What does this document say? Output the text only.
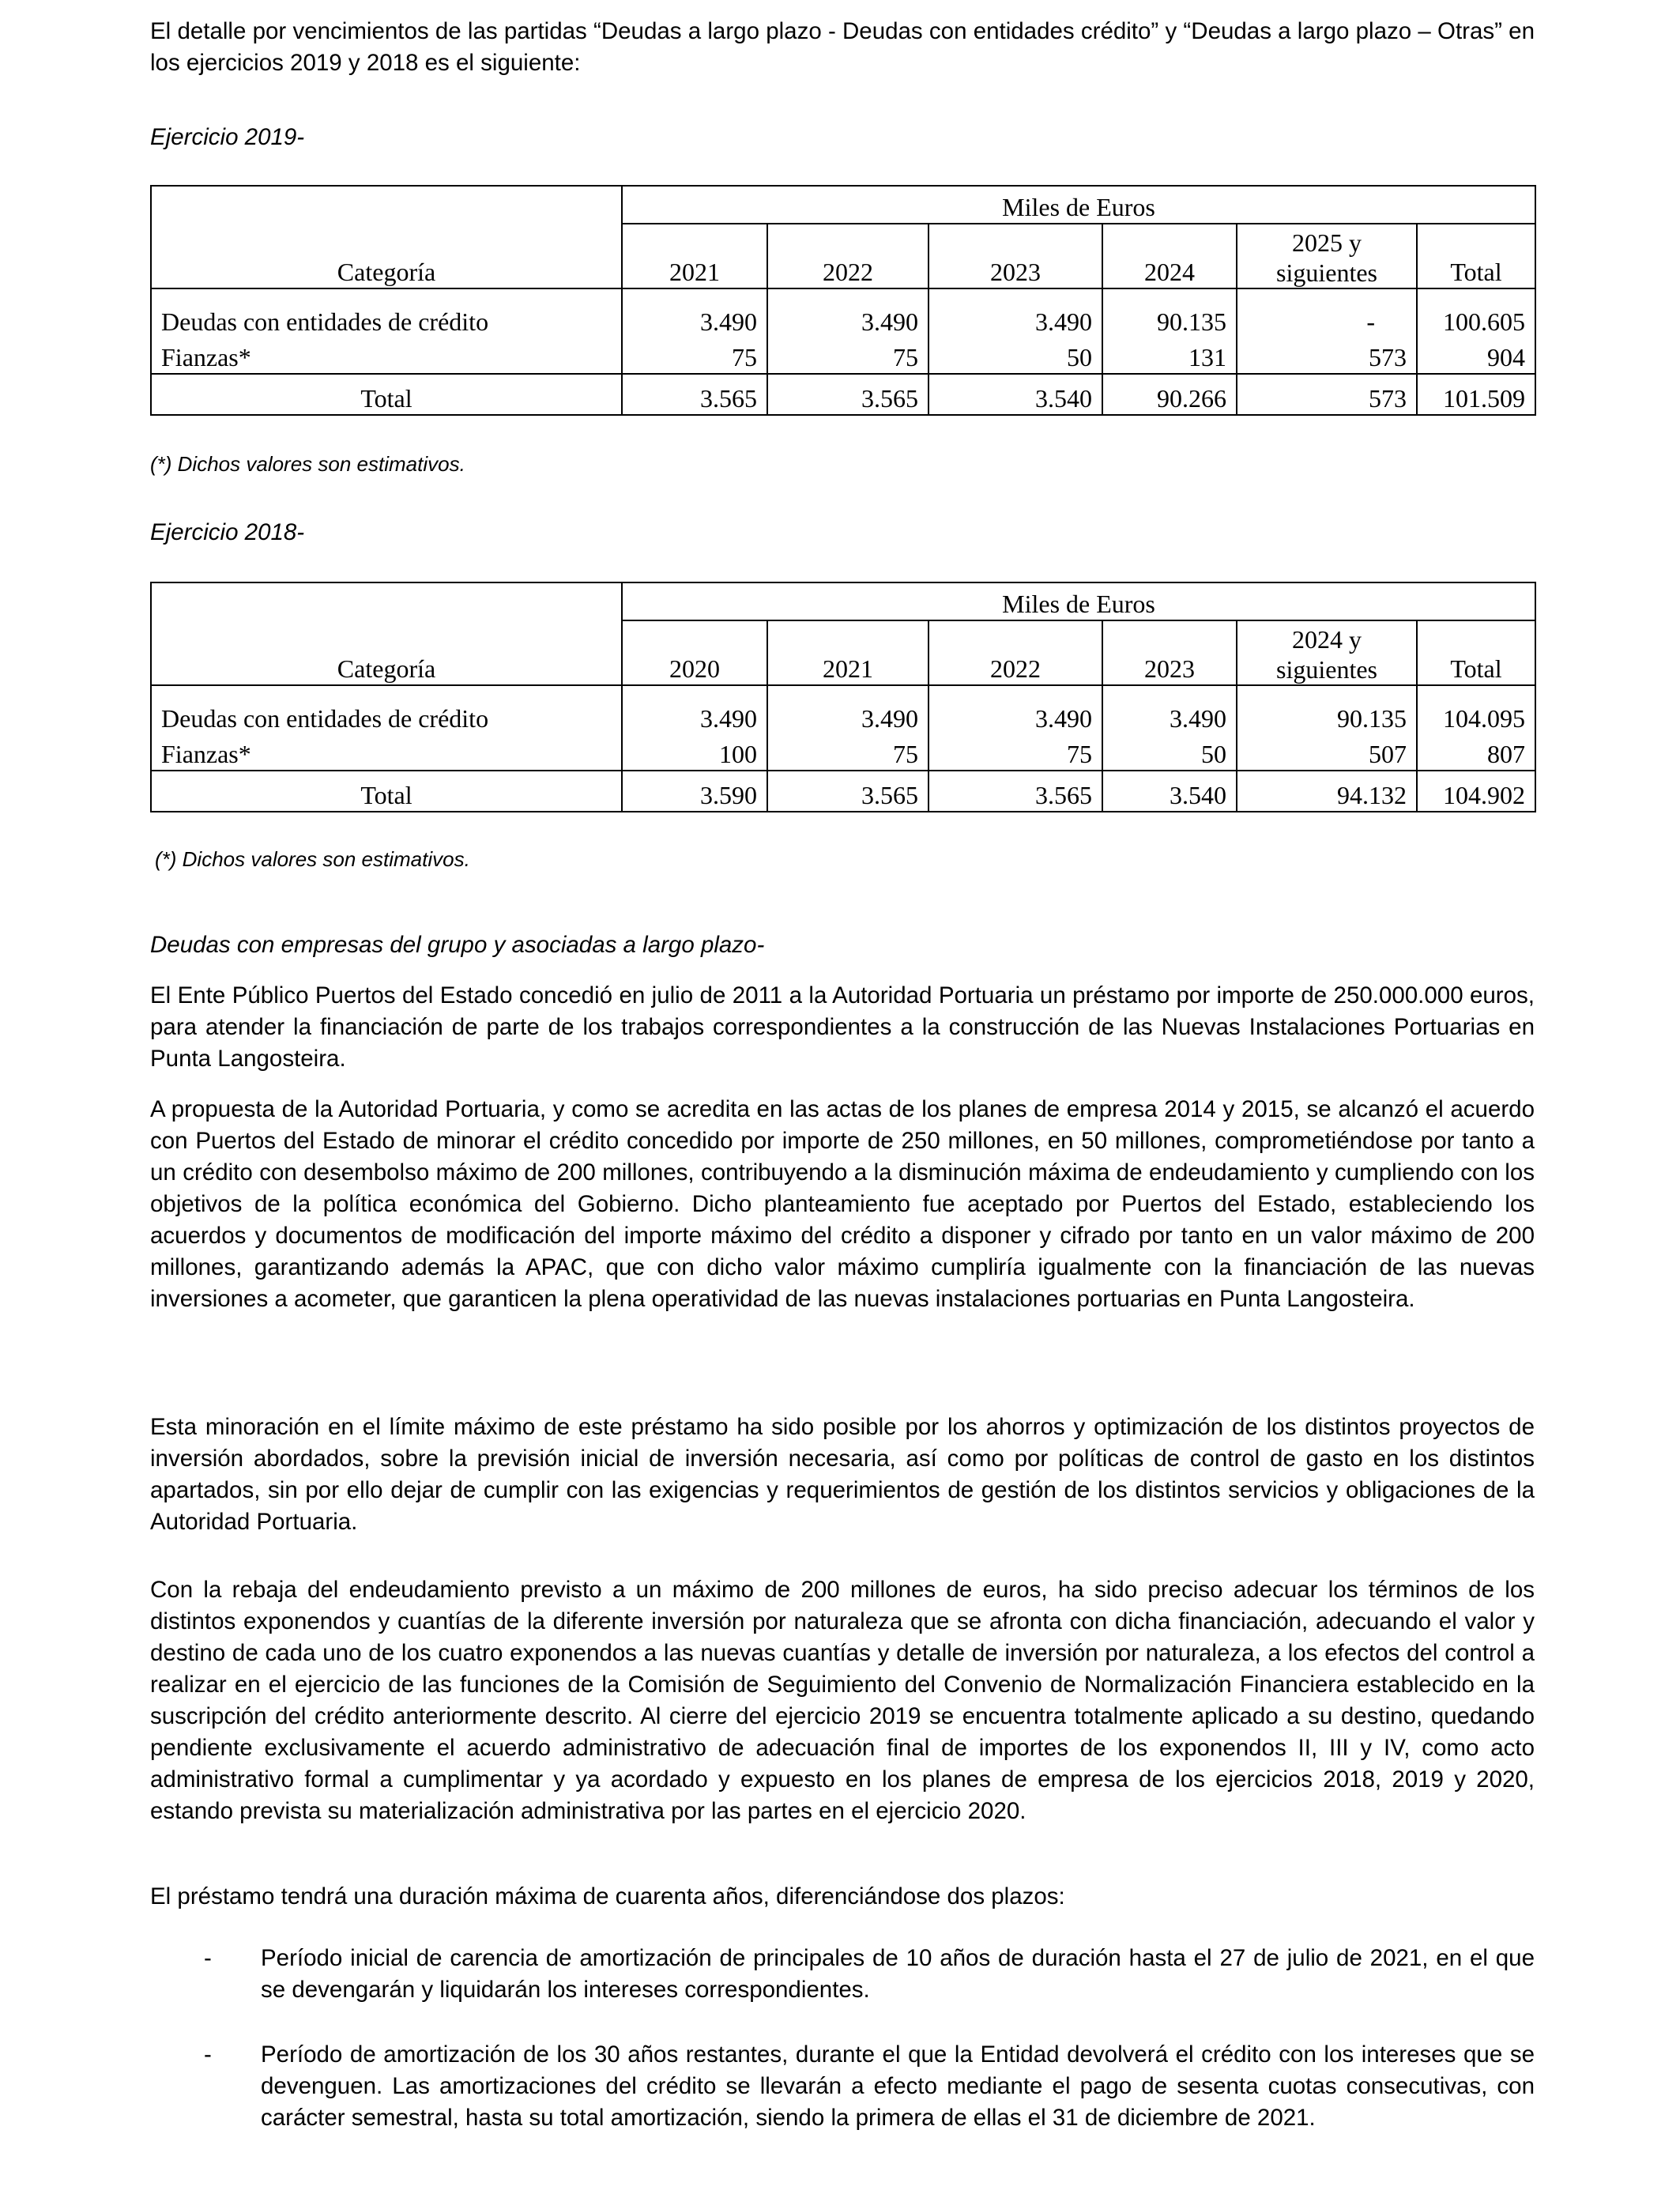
El detalle por vencimientos de las partidas “Deudas a largo plazo - Deudas con entidades crédito” y “Deudas a largo plazo – Otras” en los ejercicios 2019 y 2018 es el siguiente:

Ejercicio 2019-

	Miles de Euros					
Categoría	2021	2022	2023	2024	2025 y
siguientes	Total
Deudas con entidades de crédito	3.490	3.490	3.490	90.135	-	100.605
Fianzas*	75	75	50	131	573	904
Total	3.565	3.565	3.540	90.266	573	101.509

(*) Dichos valores son estimativos.

Ejercicio 2018-

	Miles de Euros					
Categoría	2020	2021	2022	2023	2024 y
siguientes	Total
Deudas con entidades de crédito	3.490	3.490	3.490	3.490	90.135	104.095
Fianzas*	100	75	75	50	507	807
Total	3.590	3.565	3.565	3.540	94.132	104.902

(*) Dichos valores son estimativos.

Deudas con empresas del grupo y asociadas a largo plazo-

El Ente Público Puertos del Estado concedió en julio de 2011 a la Autoridad Portuaria un préstamo por importe de 250.000.000 euros, para atender la financiación de parte de los trabajos correspondientes a la construcción de las Nuevas Instalaciones Portuarias en Punta Langosteira.

A propuesta de la Autoridad Portuaria, y como se acredita en las actas de los planes de empresa 2014 y 2015, se alcanzó el acuerdo con Puertos del Estado de minorar el crédito concedido por importe de 250 millones, en 50 millones, comprometiéndose por tanto a un crédito con desembolso máximo de 200 millones, contribuyendo a la disminución máxima de endeudamiento y cumpliendo con los objetivos de la política económica del Gobierno. Dicho planteamiento fue aceptado por Puertos del Estado, estableciendo los acuerdos y documentos de modificación del importe máximo del crédito a disponer y cifrado por tanto en un valor máximo de 200 millones, garantizando además la APAC, que con dicho valor máximo cumpliría igualmente con la financiación de las nuevas inversiones a acometer, que garanticen la plena operatividad de las nuevas instalaciones portuarias en Punta Langosteira.

Esta minoración en el límite máximo de este préstamo ha sido posible por los ahorros y optimización de los distintos proyectos de inversión abordados, sobre la previsión inicial de inversión necesaria, así como por políticas de control de gasto en los distintos apartados, sin por ello dejar de cumplir con las exigencias y requerimientos de gestión de los distintos servicios y obligaciones de la Autoridad Portuaria.

Con la rebaja del endeudamiento previsto a un máximo de 200 millones de euros, ha sido preciso adecuar los términos de los distintos exponendos y cuantías de la diferente inversión por naturaleza que se afronta con dicha financiación, adecuando el valor y destino de cada uno de los cuatro exponendos a las nuevas cuantías y detalle de inversión por naturaleza, a los efectos del control a realizar en el ejercicio de las funciones de la Comisión de Seguimiento del Convenio de Normalización Financiera establecido en la suscripción del crédito anteriormente descrito. Al cierre del ejercicio 2019 se encuentra totalmente aplicado a su destino, quedando pendiente exclusivamente el acuerdo administrativo de adecuación final de importes de los exponendos II, III y IV, como acto administrativo formal a cumplimentar y ya acordado y expuesto en los planes de empresa de los ejercicios 2018, 2019 y 2020, estando prevista su materialización administrativa por las partes en el ejercicio 2020.

El préstamo tendrá una duración máxima de cuarenta años, diferenciándose dos plazos:

- Período inicial de carencia de amortización de principales de 10 años de duración hasta el 27 de julio de 2021, en el que se devengarán y liquidarán los intereses correspondientes.
- Período de amortización de los 30 años restantes, durante el que la Entidad devolverá el crédito con los intereses que se devenguen. Las amortizaciones del crédito se llevarán a efecto mediante el pago de sesenta cuotas consecutivas, con carácter semestral, hasta su total amortización, siendo la primera de ellas el 31 de diciembre de 2021.
